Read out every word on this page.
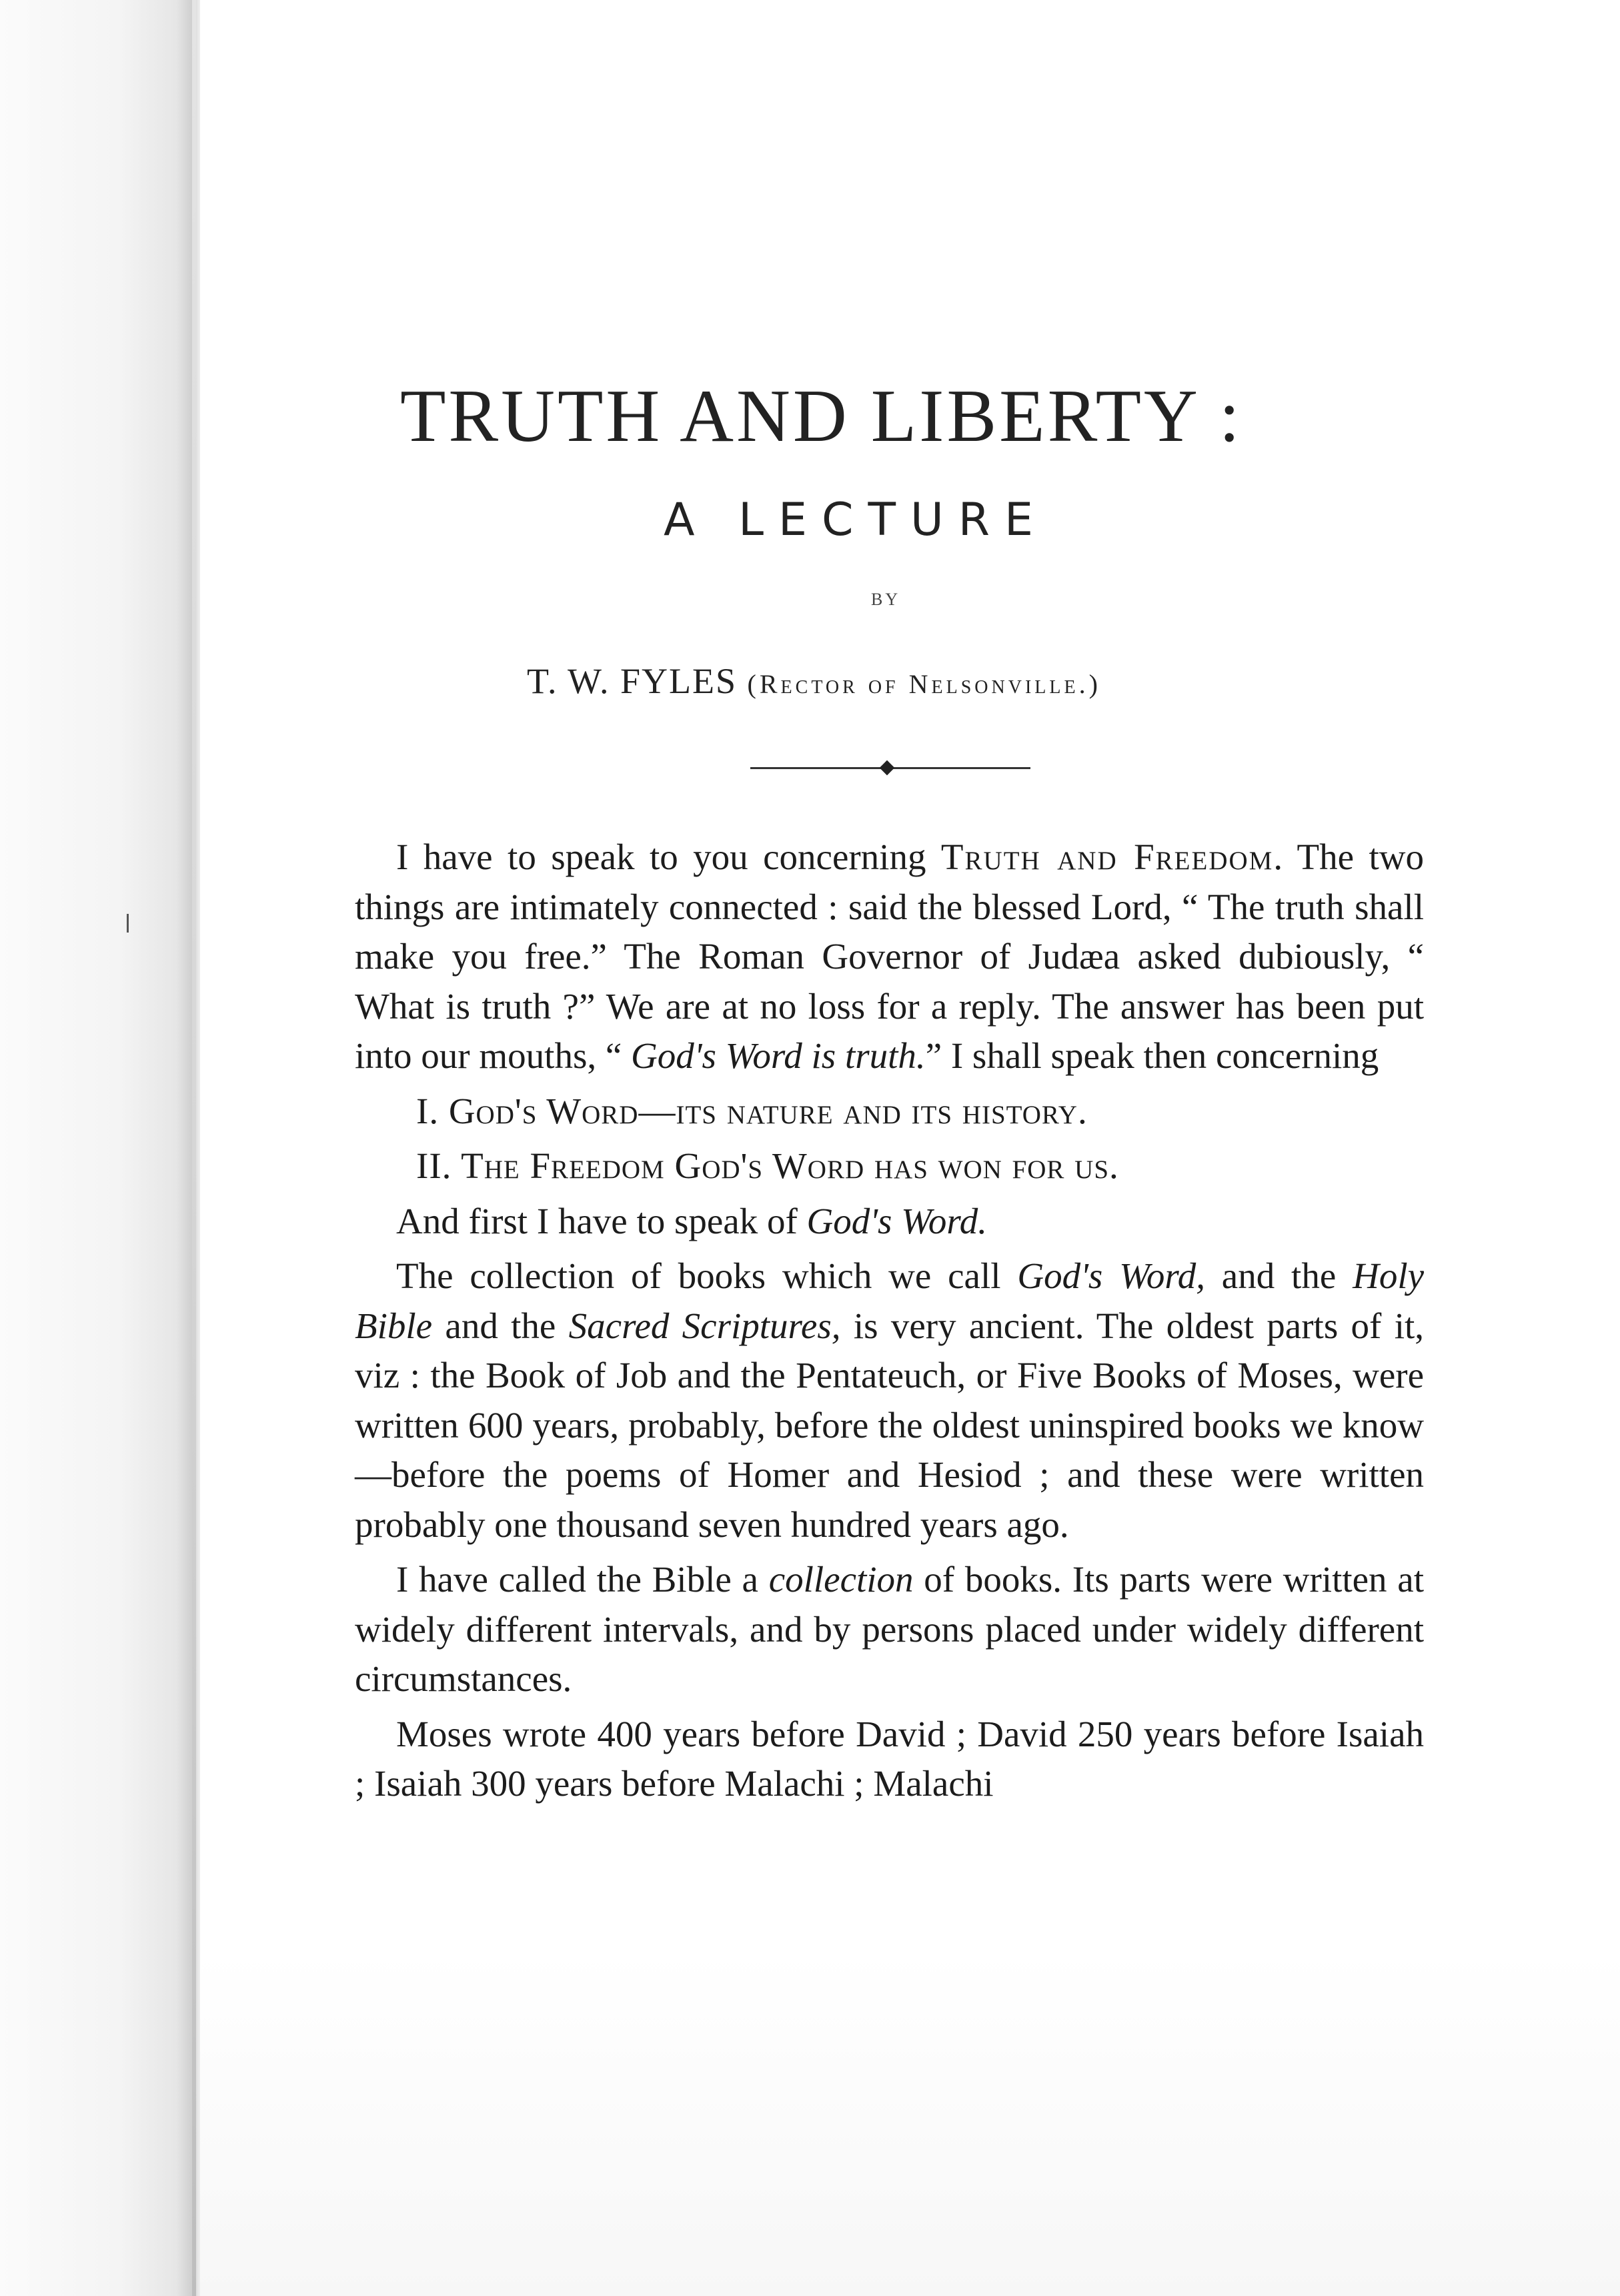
TRUTH AND LIBERTY :
A LECTURE
BY
T. W. FYLES (Rector of Nelsonville.)

I have to speak to you concerning Truth and Freedom. The two things are intimately connected : said the blessed Lord, “ The truth shall make you free.” The Roman Governor of Judæa asked dubiously, “ What is truth ?” We are at no loss for a reply. The answer has been put into our mouths, “ God's Word is truth.” I shall speak then concerning

I. God's Word—its nature and its history.

II. The Freedom God's Word has won for us.

And first I have to speak of God's Word.

The collection of books which we call God's Word, and the Holy Bible and the Sacred Scriptures, is very ancient. The oldest parts of it, viz : the Book of Job and the Pentateuch, or Five Books of Moses, were written 600 years, probably, before the oldest uninspired books we know—before the poems of Homer and Hesiod ; and these were written probably one thousand seven hundred years ago.

I have called the Bible a collection of books. Its parts were written at widely different intervals, and by persons placed under widely different circumstances.

Moses wrote 400 years before David ; David 250 years before Isaiah ; Isaiah 300 years before Malachi ; Malachi
